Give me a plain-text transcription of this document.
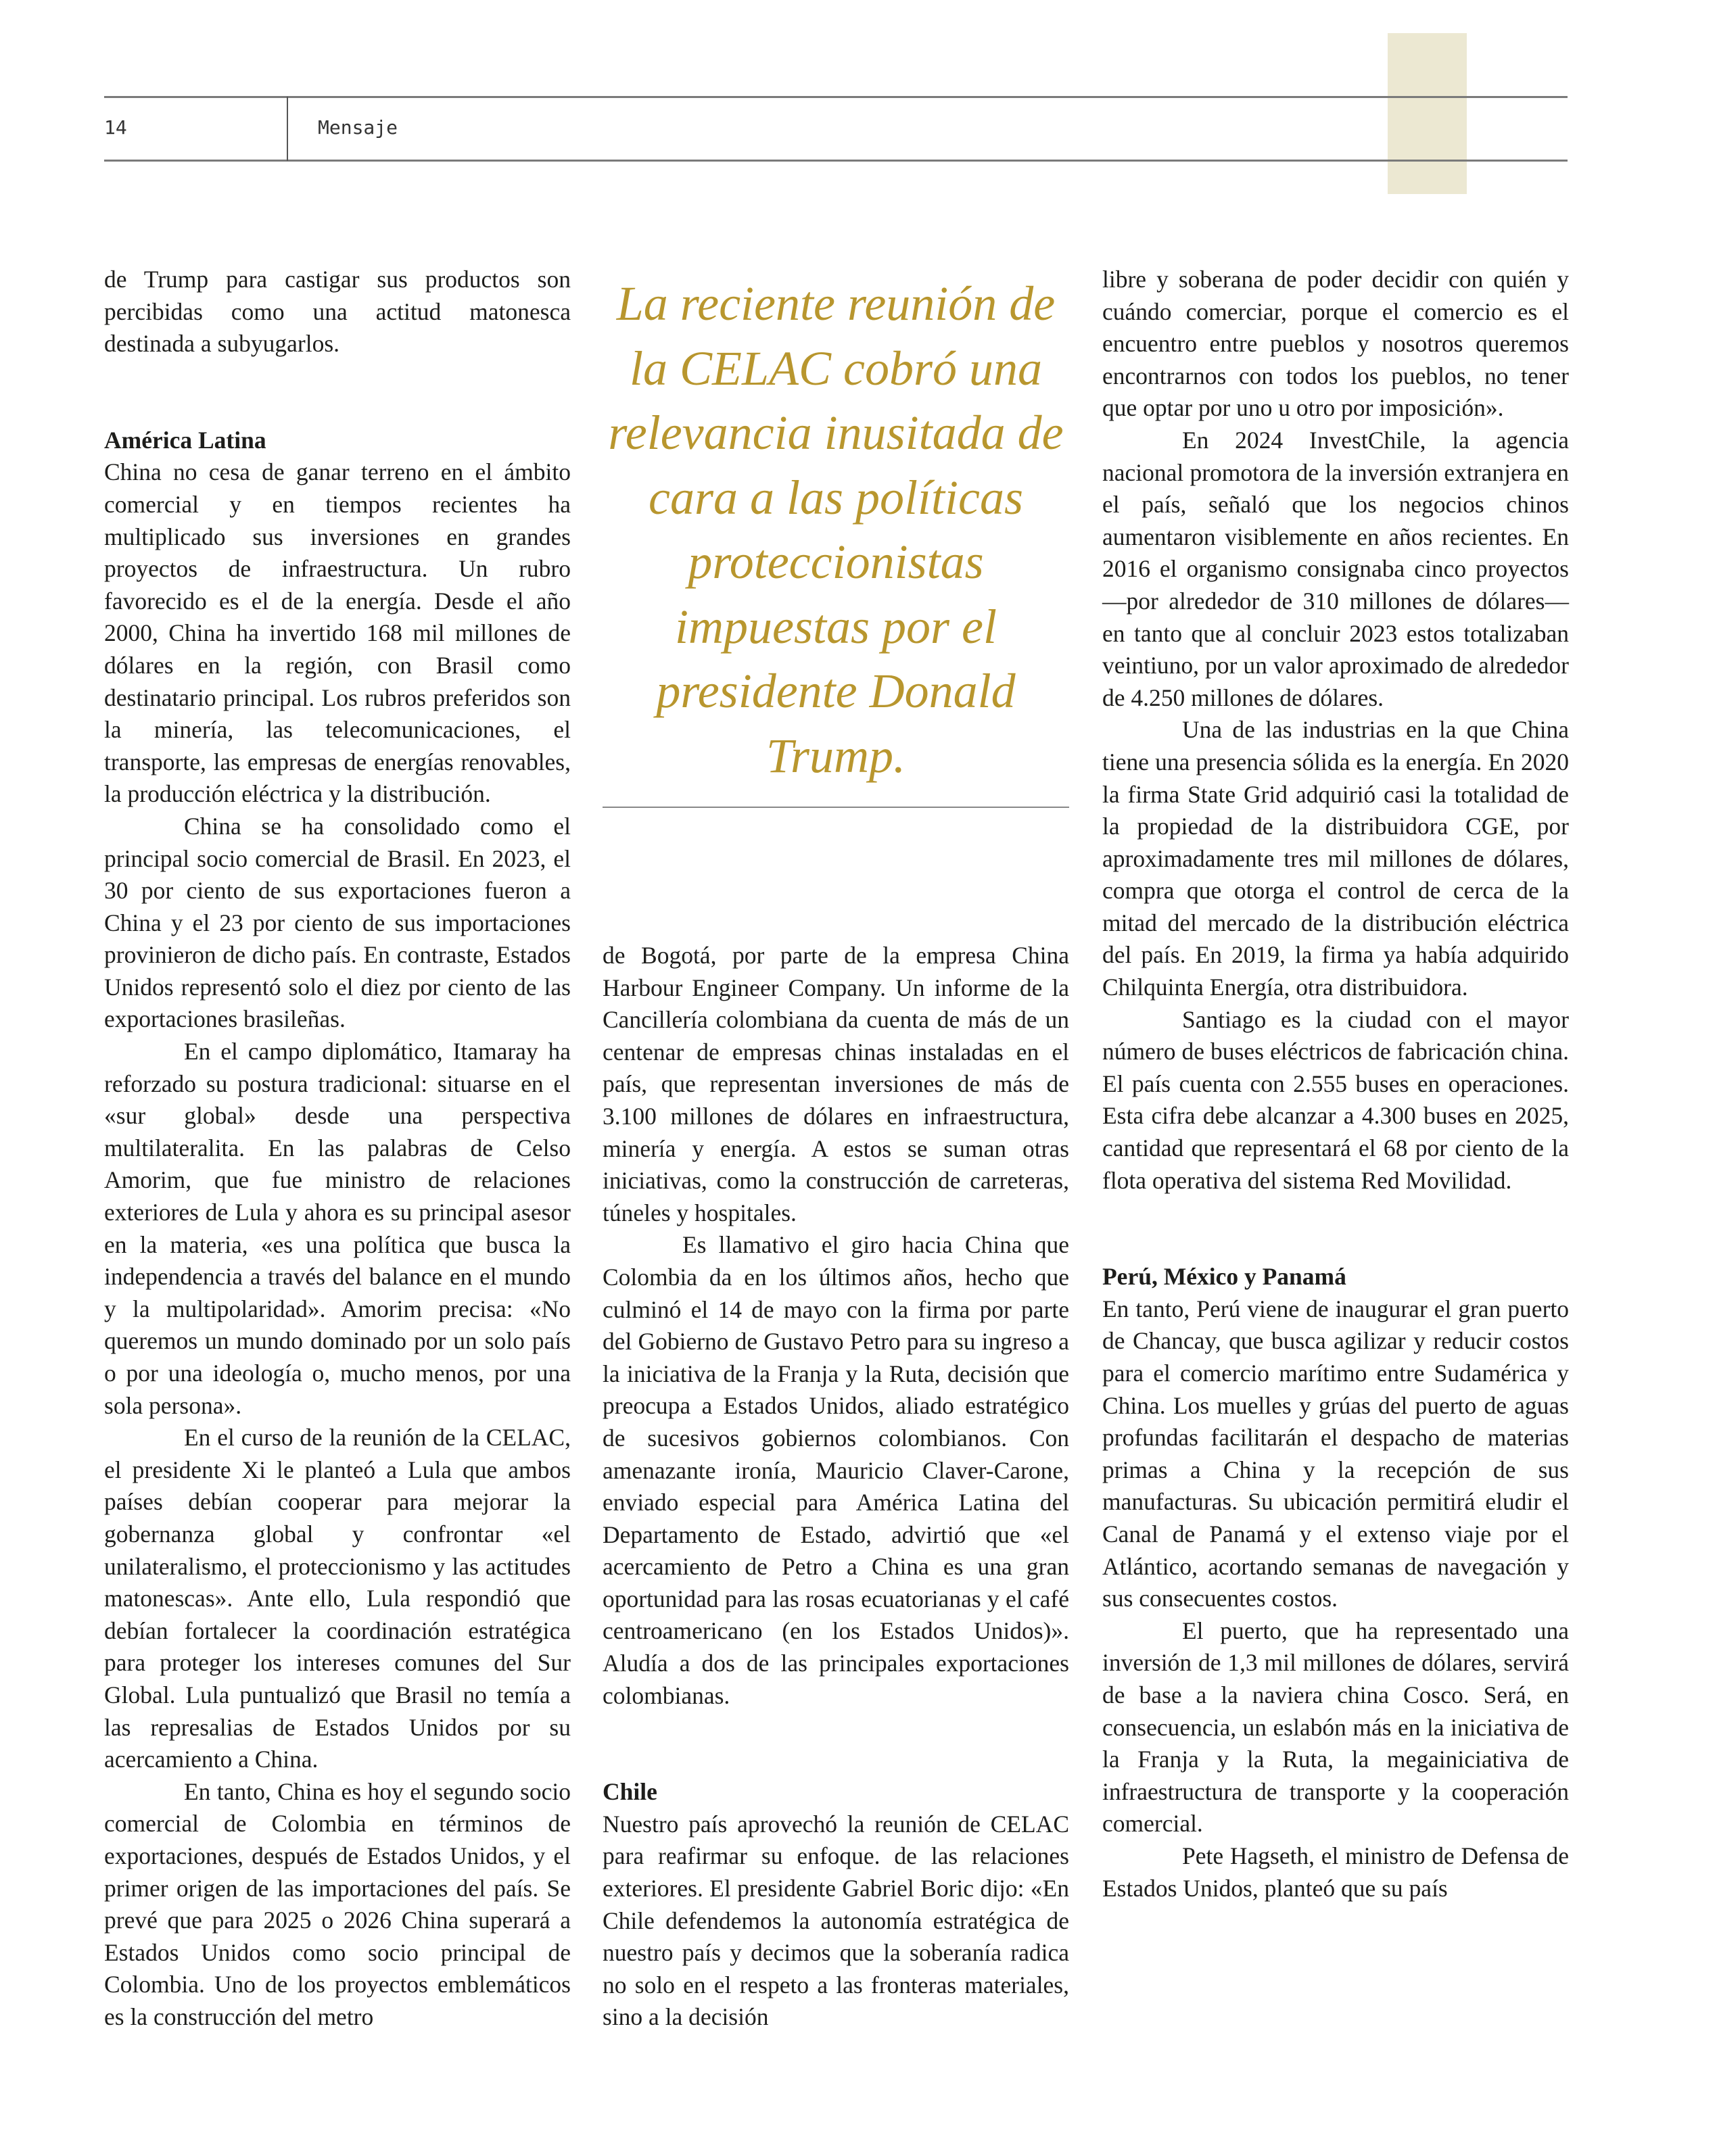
14	Mensaje

de Trump para castigar sus productos son percibidas como una actitud matonesca destinada a subyugarlos.

América Latina

China no cesa de ganar terreno en el ámbito comercial y en tiempos recientes ha multiplicado sus inversiones en grandes proyectos de infraestructura. Un rubro favorecido es el de la energía. Desde el año 2000, China ha invertido 168 mil millones de dólares en la región, con Brasil como destinatario principal. Los rubros preferidos son la minería, las telecomunicaciones, el transporte, las empresas de energías renovables, la producción eléctrica y la distribución.

China se ha consolidado como el principal socio comercial de Brasil. En 2023, el 30 por ciento de sus exportaciones fueron a China y el 23 por ciento de sus importaciones provinieron de dicho país. En contraste, Estados Unidos representó solo el diez por ciento de las exportaciones brasileñas.

En el campo diplomático, Itamaray ha reforzado su postura tradicional: situarse en el «sur global» desde una perspectiva multilateralita. En las palabras de Celso Amorim, que fue ministro de relaciones exteriores de Lula y ahora es su principal asesor en la materia, «es una política que busca la independencia a través del balance en el mundo y la multipolaridad». Amorim precisa: «No queremos un mundo dominado por un solo país o por una ideología o, mucho menos, por una sola persona».

En el curso de la reunión de la CELAC, el presidente Xi le planteó a Lula que ambos países debían cooperar para mejorar la gobernanza global y confrontar «el unilateralismo, el proteccionismo y las actitudes matonescas». Ante ello, Lula respondió que debían fortalecer la coordinación estratégica para proteger los intereses comunes del Sur Global. Lula puntualizó que Brasil no temía a las represalias de Estados Unidos por su acercamiento a China.

En tanto, China es hoy el segundo socio comercial de Colombia en términos de exportaciones, después de Estados Unidos, y el primer origen de las importaciones del país. Se prevé que para 2025 o 2026 China superará a Estados Unidos como socio principal de Colombia. Uno de los proyectos emblemáticos es la construcción del metro

La reciente reunión de la CELAC cobró una relevancia inusitada de cara a las políticas proteccionistas impuestas por el presidente Donald Trump.

de Bogotá, por parte de la empresa China Harbour Engineer Company. Un informe de la Cancillería colombiana da cuenta de más de un centenar de empresas chinas instaladas en el país, que representan inversiones de más de 3.100 millones de dólares en infraestructura, minería y energía. A estos se suman otras iniciativas, como la construcción de carreteras, túneles y hospitales.

Es llamativo el giro hacia China que Colombia da en los últimos años, hecho que culminó el 14 de mayo con la firma por parte del Gobierno de Gustavo Petro para su ingreso a la iniciativa de la Franja y la Ruta, decisión que preocupa a Estados Unidos, aliado estratégico de sucesivos gobiernos colombianos. Con amenazante ironía, Mauricio Claver-Carone, enviado especial para América Latina del Departamento de Estado, advirtió que «el acercamiento de Petro a China es una gran oportunidad para las rosas ecuatorianas y el café centroamericano (en los Estados Unidos)». Aludía a dos de las principales exportaciones colombianas.

Chile

Nuestro país aprovechó la reunión de CELAC para reafirmar su enfoque. de las relaciones exteriores. El presidente Gabriel Boric dijo: «En Chile defendemos la autonomía estratégica de nuestro país y decimos que la soberanía radica no solo en el respeto a las fronteras materiales, sino a la decisión

libre y soberana de poder decidir con quién y cuándo comerciar, porque el comercio es el encuentro entre pueblos y nosotros queremos encontrarnos con todos los pueblos, no tener que optar por uno u otro por imposición».

En 2024 InvestChile, la agencia nacional promotora de la inversión extranjera en el país, señaló que los negocios chinos aumentaron visiblemente en años recientes. En 2016 el organismo consignaba cinco proyectos —por alrededor de 310 millones de dólares— en tanto que al concluir 2023 estos totalizaban veintiuno, por un valor aproximado de alrededor de 4.250 millones de dólares.

Una de las industrias en la que China tiene una presencia sólida es la energía. En 2020 la firma State Grid adquirió casi la totalidad de la propiedad de la distribuidora CGE, por aproximadamente tres mil millones de dólares, compra que otorga el control de cerca de la mitad del mercado de la distribución eléctrica del país. En 2019, la firma ya había adquirido Chilquinta Energía, otra distribuidora.

Santiago es la ciudad con el mayor número de buses eléctricos de fabricación china. El país cuenta con 2.555 buses en operaciones. Esta cifra debe alcanzar a 4.300 buses en 2025, cantidad que representará el 68 por ciento de la flota operativa del sistema Red Movilidad.

Perú, México y Panamá

En tanto, Perú viene de inaugurar el gran puerto de Chancay, que busca agilizar y reducir costos para el comercio marítimo entre Sudamérica y China. Los muelles y grúas del puerto de aguas profundas facilitarán el despacho de materias primas a China y la recepción de sus manufacturas. Su ubicación permitirá eludir el Canal de Panamá y el extenso viaje por el Atlántico, acortando semanas de navegación y sus consecuentes costos.

El puerto, que ha representado una inversión de 1,3 mil millones de dólares, servirá de base a la naviera china Cosco. Será, en consecuencia, un eslabón más en la iniciativa de la Franja y la Ruta, la megainiciativa de infraestructura de transporte y la cooperación comercial.

Pete Hagseth, el ministro de Defensa de Estados Unidos, planteó que su país
